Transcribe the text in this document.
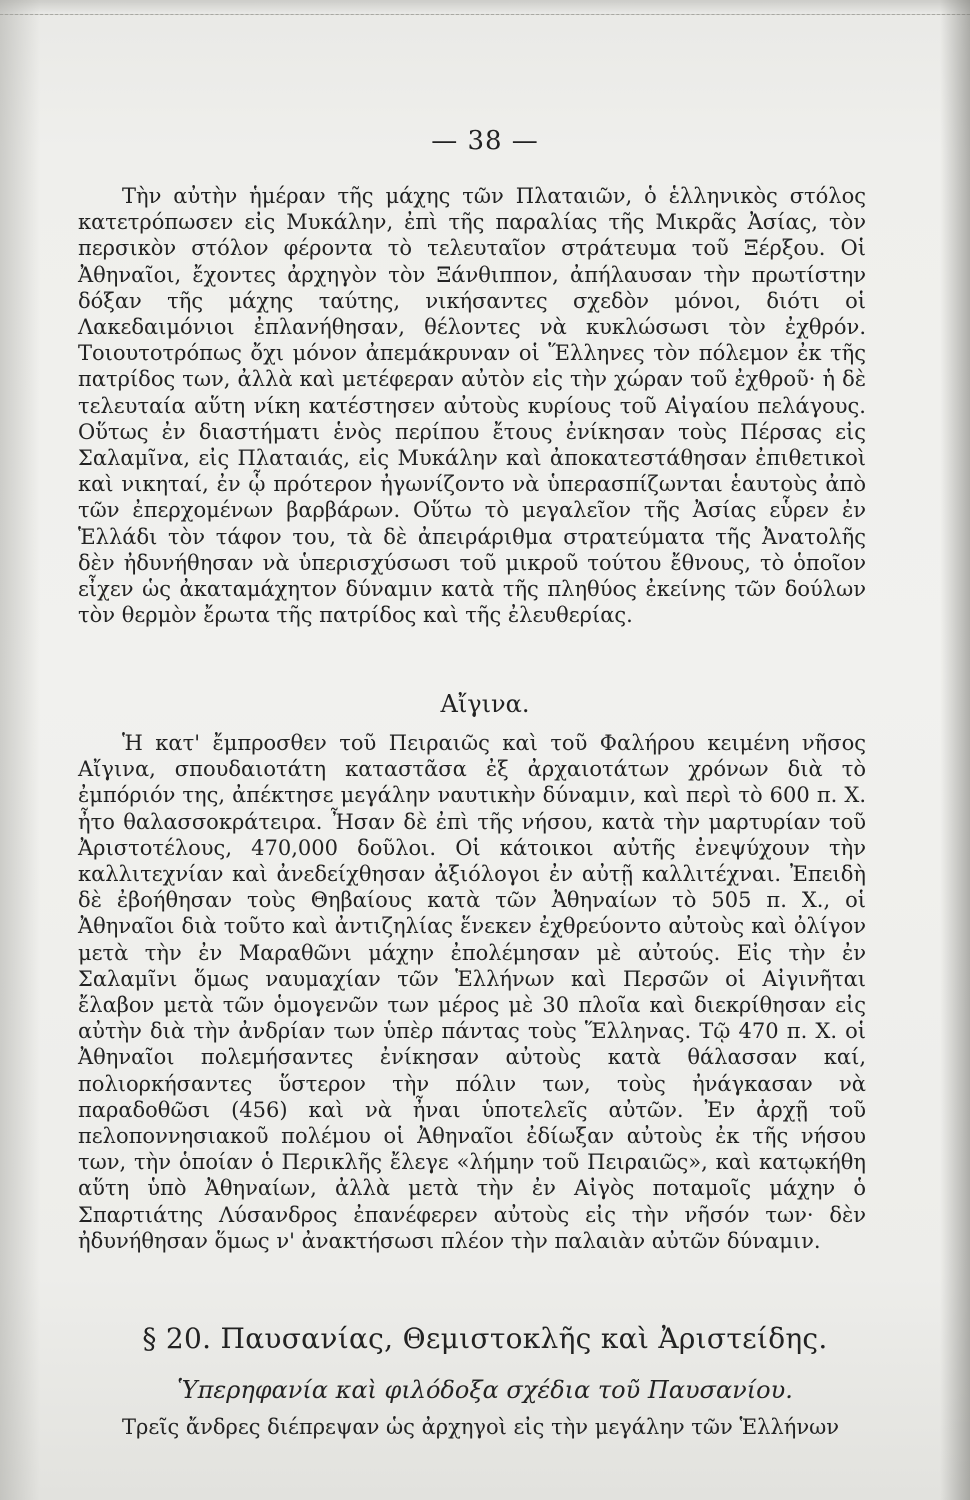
— 38 —

Τὴν αὐτὴν ἡμέραν τῆς μάχης τῶν Πλαταιῶν, ὁ ἑλληνικὸς στόλος κατετρόπωσεν εἰς Μυκάλην, ἐπὶ τῆς παραλίας τῆς Μικρᾶς Ἀσίας, τὸν περσικὸν στόλον φέροντα τὸ τελευταῖον στράτευμα τοῦ Ξέρξου. Οἱ Ἀθηναῖοι, ἔχοντες ἀρχηγὸν τὸν Ξάνθιππον, ἀπήλαυσαν τὴν πρωτίστην δόξαν τῆς μάχης ταύτης, νικήσαντες σχεδὸν μόνοι, διότι οἱ Λακεδαιμόνιοι ἐπλανήθησαν, θέλοντες νὰ κυκλώσωσι τὸν ἐχθρόν. Τοιουτοτρόπως ὄχι μόνον ἀπεμάκρυναν οἱ Ἕλληνες τὸν πόλεμον ἐκ τῆς πατρίδος των, ἀλλὰ καὶ μετέφεραν αὐτὸν εἰς τὴν χώραν τοῦ ἐχθροῦ· ἡ δὲ τελευταία αὕτη νίκη κατέστησεν αὐτοὺς κυρίους τοῦ Αἰγαίου πελάγους. Οὕτως ἐν διαστήματι ἑνὸς περίπου ἔτους ἐνίκησαν τοὺς Πέρσας εἰς Σαλαμῖνα, εἰς Πλαταιάς, εἰς Μυκάλην καὶ ἀποκατεστάθησαν ἐπιθετικοὶ καὶ νικηταί, ἐν ᾧ πρότερον ἠγωνίζοντο νὰ ὑπερασπίζωνται ἑαυτοὺς ἀπὸ τῶν ἐπερχομένων βαρβάρων. Οὕτω τὸ μεγαλεῖον τῆς Ἀσίας εὗρεν ἐν Ἑλλάδι τὸν τάφον του, τὰ δὲ ἀπειράριθμα στρατεύματα τῆς Ἀνατολῆς δὲν ἠδυνήθησαν νὰ ὑπερισχύσωσι τοῦ μικροῦ τούτου ἔθνους, τὸ ὁποῖον εἶχεν ὡς ἀκαταμάχητον δύναμιν κατὰ τῆς πληθύος ἐκείνης τῶν δούλων τὸν θερμὸν ἔρωτα τῆς πατρίδος καὶ τῆς ἐλευθερίας.

Αἴγινα.

Ἡ κατ' ἔμπροσθεν τοῦ Πειραιῶς καὶ τοῦ Φαλήρου κειμένη νῆσος Αἴγινα, σπουδαιοτάτη καταστᾶσα ἐξ ἀρχαιοτάτων χρόνων διὰ τὸ ἐμπόριόν της, ἀπέκτησε μεγάλην ναυτικὴν δύναμιν, καὶ περὶ τὸ 600 π. Χ. ἦτο θαλασσοκράτειρα. Ἦσαν δὲ ἐπὶ τῆς νήσου, κατὰ τὴν μαρτυρίαν τοῦ Ἀριστοτέλους, 470,000 δοῦλοι. Οἱ κάτοικοι αὐτῆς ἐνεψύχουν τὴν καλλιτεχνίαν καὶ ἀνεδείχθησαν ἀξιόλογοι ἐν αὐτῇ καλλιτέχναι. Ἐπειδὴ δὲ ἐβοήθησαν τοὺς Θηβαίους κατὰ τῶν Ἀθηναίων τὸ 505 π. Χ., οἱ Ἀθηναῖοι διὰ τοῦτο καὶ ἀντιζηλίας ἕνεκεν ἐχθρεύοντο αὐτοὺς καὶ ὀλίγον μετὰ τὴν ἐν Μαραθῶνι μάχην ἐπολέμησαν μὲ αὐτούς. Εἰς τὴν ἐν Σαλαμῖνι ὅμως ναυμαχίαν τῶν Ἑλλήνων καὶ Περσῶν οἱ Αἰγινῆται ἔλαβον μετὰ τῶν ὁμογενῶν των μέρος μὲ 30 πλοῖα καὶ διεκρίθησαν εἰς αὐτὴν διὰ τὴν ἀνδρίαν των ὑπὲρ πάντας τοὺς Ἕλληνας. Τῷ 470 π. Χ. οἱ Ἀθηναῖοι πολεμήσαντες ἐνίκησαν αὐτοὺς κατὰ θάλασσαν καί, πολιορκήσαντες ὕστερον τὴν πόλιν των, τοὺς ἠνάγκασαν νὰ παραδοθῶσι (456) καὶ νὰ ἦναι ὑποτελεῖς αὐτῶν. Ἐν ἀρχῇ τοῦ πελοποννησιακοῦ πολέμου οἱ Ἀθηναῖοι ἐδίωξαν αὐτοὺς ἐκ τῆς νήσου των, τὴν ὁποίαν ὁ Περικλῆς ἔλεγε «λήμην τοῦ Πειραιῶς», καὶ κατῳκήθη αὕτη ὑπὸ Ἀθηναίων, ἀλλὰ μετὰ τὴν ἐν Αἰγὸς ποταμοῖς μάχην ὁ Σπαρτιάτης Λύσανδρος ἐπανέφερεν αὐτοὺς εἰς τὴν νῆσόν των· δὲν ἠδυνήθησαν ὅμως ν' ἀνακτήσωσι πλέον τὴν παλαιὰν αὐτῶν δύναμιν.

§ 20. Παυσανίας, Θεμιστοκλῆς καὶ Ἀριστείδης.
Ὑπερηφανία καὶ φιλόδοξα σχέδια τοῦ Παυσανίου.
Τρεῖς ἄνδρες διέπρεψαν ὡς ἀρχηγοὶ εἰς τὴν μεγάλην τῶν Ἑλλήνων
